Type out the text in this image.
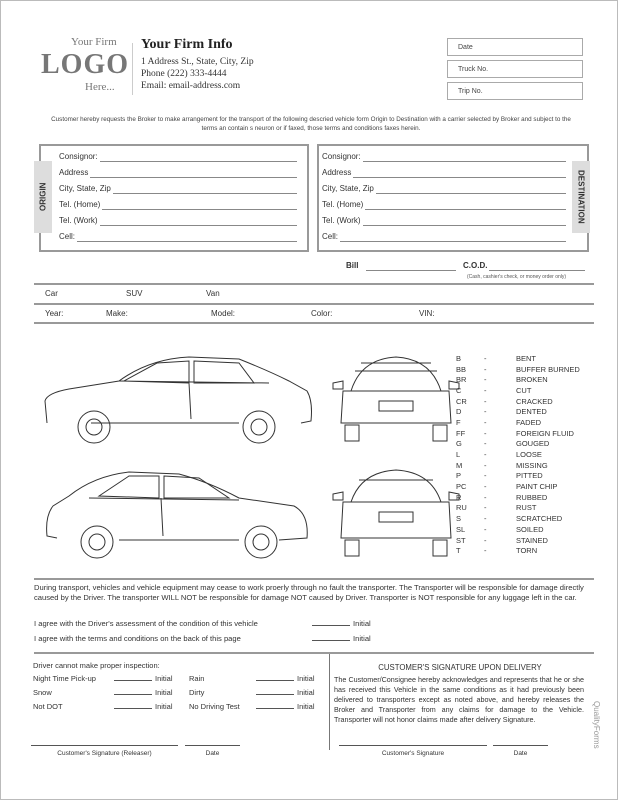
Your Firm
LOGO
Here...
Your Firm Info
1 Address St., State, City, Zip
Phone (222) 333-4444
Email: email-address.com
Date
Truck No.
Trip No.
Customer hereby requests the Broker to make arrangement for the transport of the following descried vehicle form Origin to Destination with a carrier selected by Broker and subject to the terms an contain s neuron or if faxed, those terms and conditions faxes herein.
ORIGIN	DESTINATION
Consignor:
Address
City, State, Zip
Tel. (Home)
Tel. (Work)
Cell:
Consignor:
Address
City, State, Zip
Tel. (Home)
Tel. (Work)
Cell:
Bill	C.O.D.
(Cash, cashier's check, or money order only)
Car	SUV	Van
Year:	Make:	Model:	Color:	VIN:
B	-	BENT
BB	-	BUFFER BURNED
BR	-	BROKEN
C	-	CUT
CR	-	CRACKED
D	-	DENTED
F	-	FADED
FF	-	FOREIGN FLUID
G	-	GOUGED
L	-	LOOSE
M	-	MISSING
P	-	PITTED
PC	-	PAINT CHIP
R	-	RUBBED
RU	-	RUST
S	-	SCRATCHED
SL	-	SOILED
ST	-	STAINED
T	-	TORN
During transport, vehicles and vehicle equipment may cease to work proerly through no fault the transporter. The Transporter will be responsible for damage directly caused by the Driver. The transporter WILL NOT be responsible for damage NOT caused by Driver. Transporter is NOT responsible for any luggage left in the car.
I agree with the Driver's assessment of the condition of this vehicle	Initial
I agree with the terms and conditions on the back of this page	Initial
Driver cannot make proper inspection:
Night Time Pick-up	Initial Rain	Initial
Snow	Initial Dirty	Initial
Not DOT	Initial No Driving Test	Initial
CUSTOMER'S SIGNATURE UPON DELIVERY
The Customer/Consignee hereby acknowledges and represents that he or she has received this Vehicle in the same conditions as it had previously been delivered to transporters except as noted above, and hereby releases the Broker and Transporter from any claims for damage to the Vehicle. Transporter will not honor claims made after delivery Signature.
Customer's Signature (Releaser)	Date	Customer's Signature	Date
QualityForms
